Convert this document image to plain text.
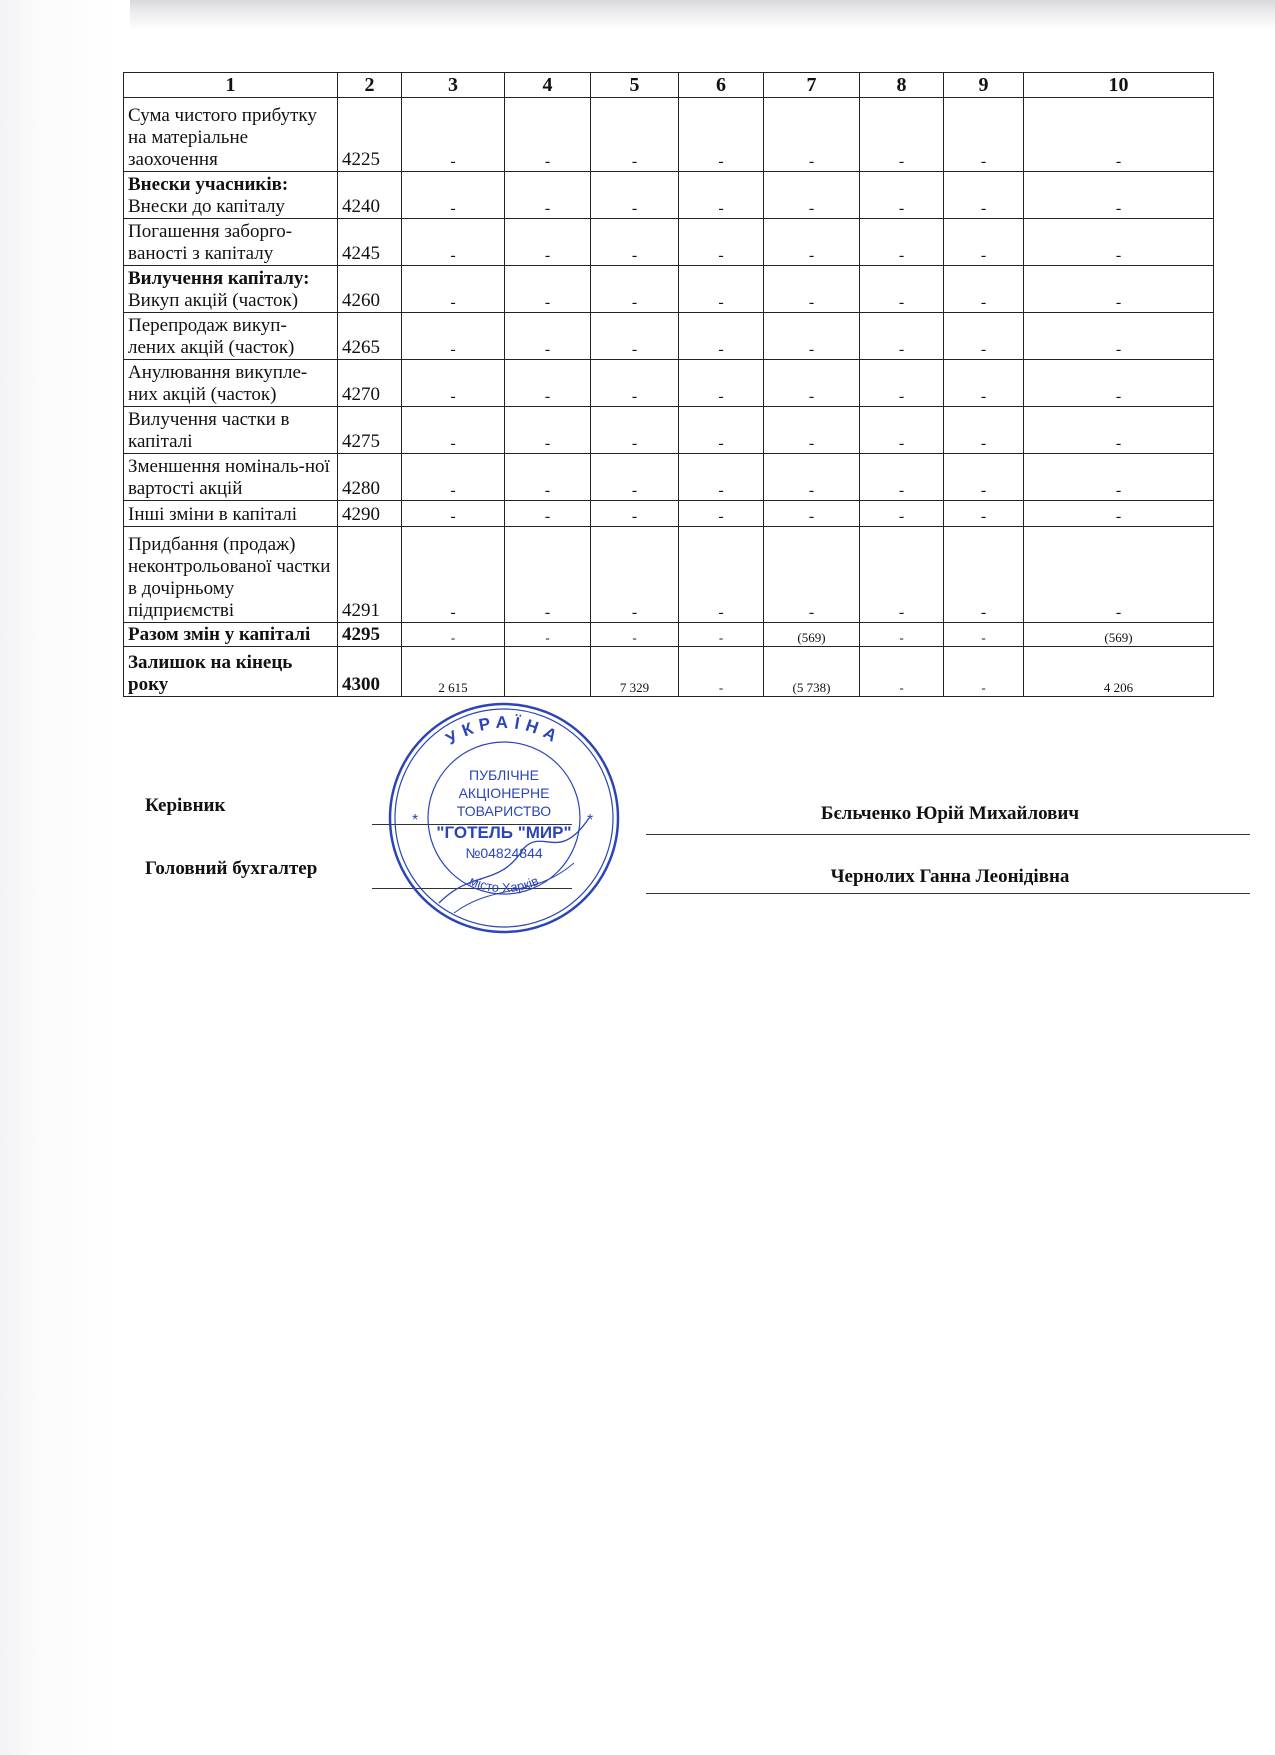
1	2	3	4	5	6	7	8	9	10

Сума чистого прибутку на матеріальне заохочення	4225	-	-	-	-	-	-	-	-

Внески учасників:
Внески до капіталу	4240	-	-	-	-	-	-	-	-

Погашення заборго-вaності з капіталу	4245	-	-	-	-	-	-	-	-

Вилучення капіталу:
Викуп акцій (часток)	4260	-	-	-	-	-	-	-	-

Перепродаж викуп-лених акцій (часток)	4265	-	-	-	-	-	-	-	-

Анулювання викупле-них акцій (часток)	4270	-	-	-	-	-	-	-	-

Вилучення частки в капіталі	4275	-	-	-	-	-	-	-	-

Зменшення номіналь-ної вартості акцій	4280	-	-	-	-	-	-	-	-

Інші зміни в капіталі	4290	-	-	-	-	-	-	-	-

Придбання (продаж) неконтрольованої частки в дочірньому підприємстві	4291	-	-	-	-	-	-	-	-

Разом змін у капіталі	4295	-	-	-	-	(569)	-	-	(569)

Залишок на кінець року	4300	2 615		7 329	-	(5 738)	-	-	4 206
Керівник	Бєльченко Юрій Михайлович
Головний бухгалтер	Чернолих Ганна Леонідівна
УКРАЇНА
місто Харків
*	*
ПУБЛІЧНЕ
АКЦІОНЕРНЕ
ТОВАРИСТВО
"ГОТЕЛЬ "МИР"
№04824844
